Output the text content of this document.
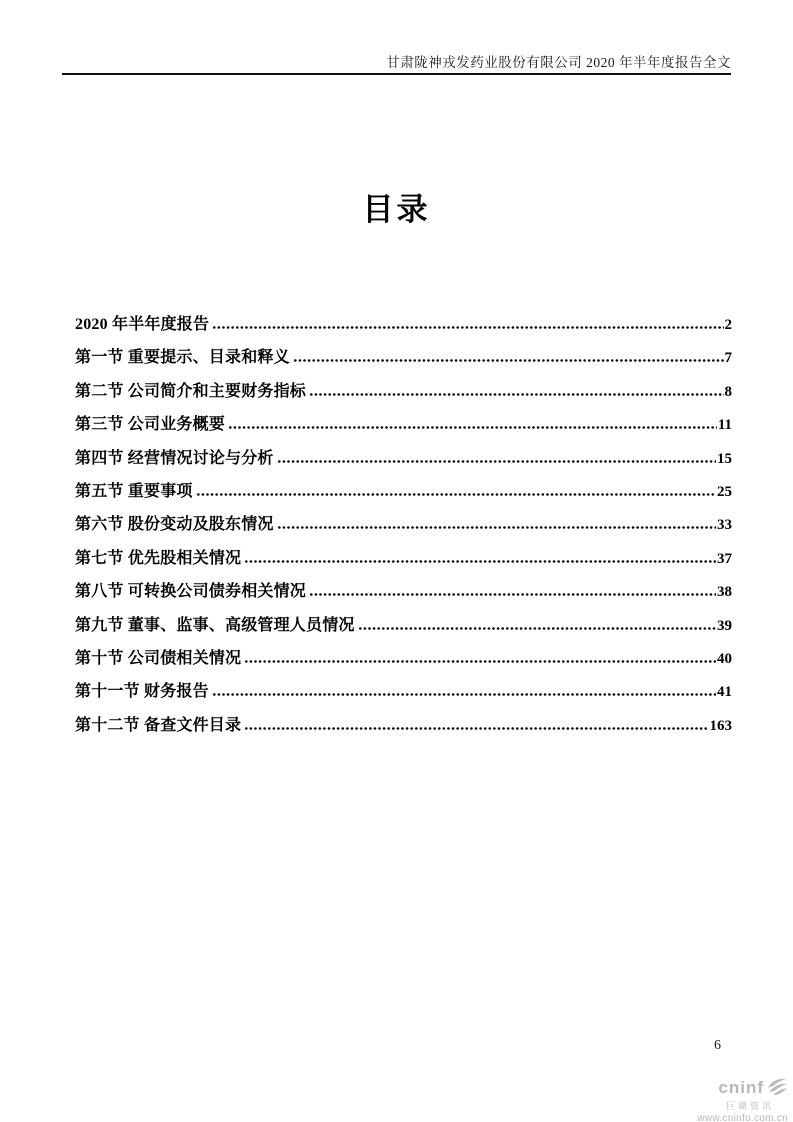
甘肃陇神戎发药业股份有限公司 2020 年半年度报告全文
目录
2020 年半年度报告	2
第一节 重要提示、目录和释义	7
第二节 公司简介和主要财务指标	8
第三节 公司业务概要	11
第四节 经营情况讨论与分析	15
第五节 重要事项	25
第六节 股份变动及股东情况	33
第七节 优先股相关情况	37
第八节 可转换公司债券相关情况	38
第九节 董事、监事、高级管理人员情况	39
第十节 公司债相关情况	40
第十一节 财务报告	41
第十二节 备查文件目录	163
6
cninf
巨潮资讯
www.cninfo.com.cn
